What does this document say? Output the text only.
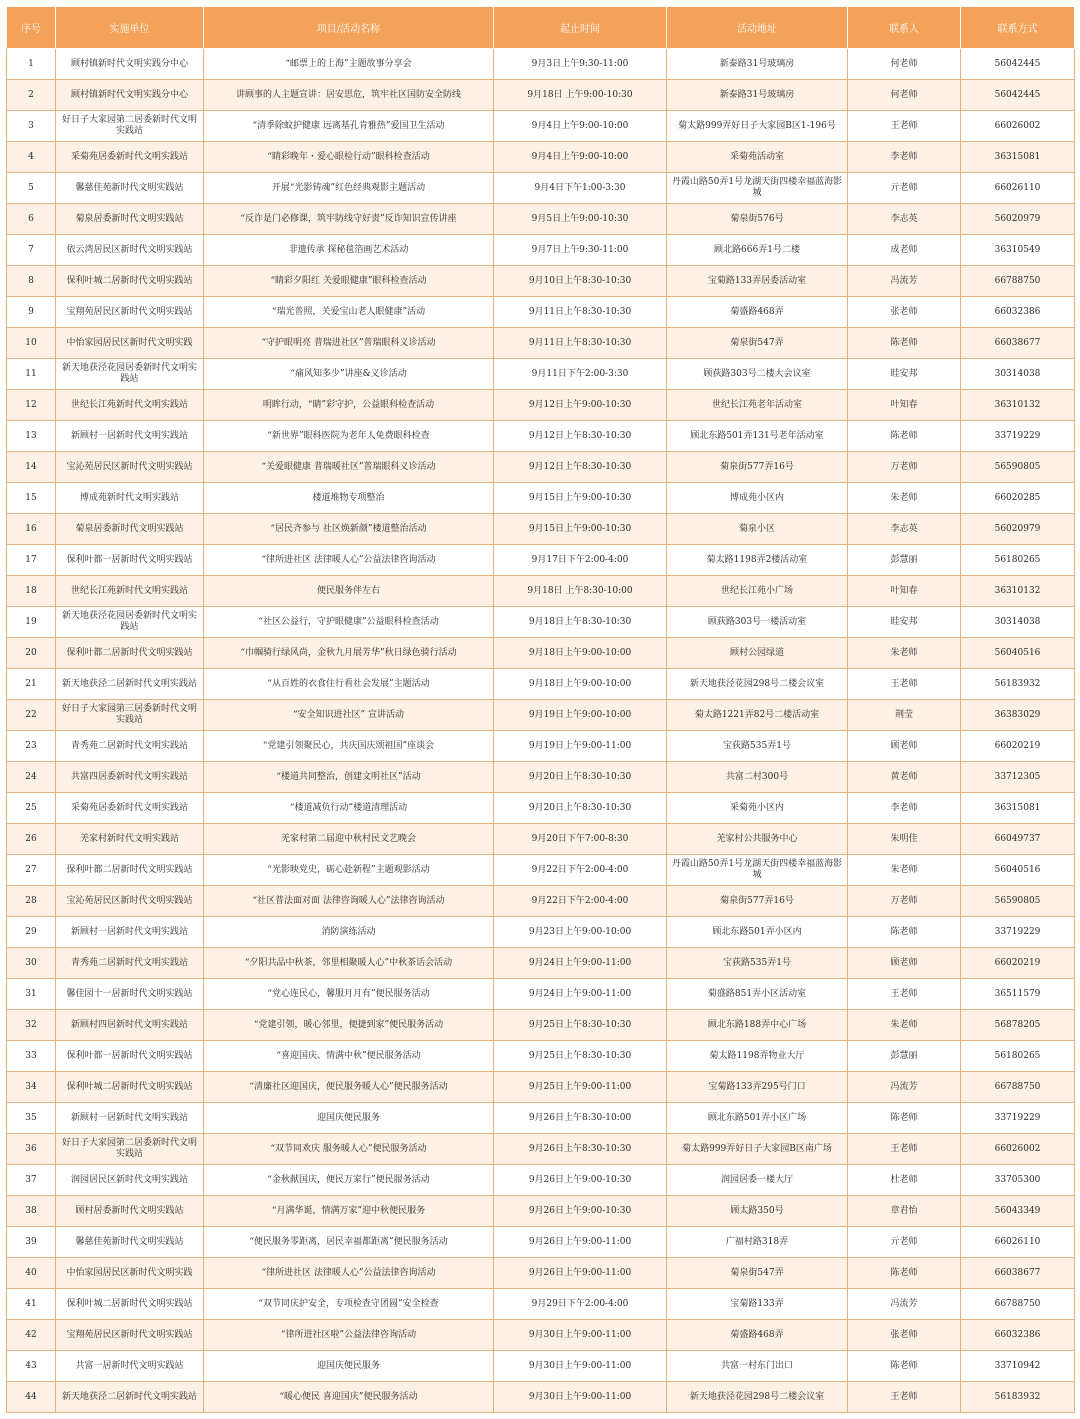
序号	实施单位	项目/活动名称	起止时间	活动地址	联系人	联系方式
1	顾村镇新时代文明实践分中心	“邮票上的上海”主题故事分享会	9月3日上午9:30-11:00	新泰路31号玻璃房	何老师	56042445
2	顾村镇新时代文明实践分中心	讲顾事的人主题宣讲：居安思危，筑牢社区国防安全防线	9月18日 上午9:00-10:30	新泰路31号玻璃房	何老师	56042445
3	好日子大家园第二居委新时代文明实践站	“清季除蚊护健康 远离基孔肯雅热”爱国卫生活动	9月4日上午9:00-10:00	菊太路999弄好日子大家园B区1-196号	王老师	66026002
4	采菊苑居委新时代文明实践站	“睛彩晚年・爱心眼检行动”眼科检查活动	9月4日上午9:00-10:00	采菊苑活动室	李老师	36315081
5	馨慈佳苑新时代文明实践站	开展“光影铸魂”红色经典观影主题活动	9月4日下午1:00-3:30	丹霞山路50弄1号龙湖天街四楼幸福蓝海影城	亓老师	66026110
6	菊泉居委新时代文明实践站	“反诈是门必修课，筑牢防线守好责”反诈知识宣传讲座	9月5日上午9:00-10:30	菊泉街576号	李志英	56020979
7	依云湾居民区新时代文明实践站	非遗传承 探秘毯箔画艺术活动	9月7日上午9:30-11:00	顾北路666弄1号二楼	成老师	36310549
8	保利叶城二居新时代文明实践站	“睛彩夕阳红 关爱眼健康”眼科检查活动	9月10日上午8:30-10:30	宝菊路133弄居委活动室	冯流芳	66788750
9	宝翔苑居民区新时代文明实践站	“瑞光普照，关爱宝山老人眼健康”活动	9月11日上午8:30-10:30	菊盛路468弄	张老师	66032386
10	中怡家园居民区新时代文明实践	“守护眼明亮 普瑞进社区”普瑞眼科义诊活动	9月11日上午8:30-10:30	菊泉街547弄	陈老师	66038677
11	新天地获泾花园居委新时代文明实践站	“痛风知多少”讲座&义诊活动	9月11日下午2:00-3:30	顾荻路303号二楼大会议室	眭安邦	30314038
12	世纪长江苑新时代文明实践站	明眸行动，“睛”彩守护，公益眼科检查活动	9月12日上午9:00-10:30	世纪长江苑老年活动室	叶知春	36310132
13	新顾村一居新时代文明实践站	“新世界”眼科医院为老年人免费眼科检查	9月12日上午8:30-10:30	顾北东路501弄131号老年活动室	陈老师	33719229
14	宝沁苑居民区新时代文明实践站	“关爱眼健康 普瑞暖社区”普瑞眼科义诊活动	9月12日上午8:30-10:30	菊泉街577弄16号	万老师	56590805
15	博成苑新时代文明实践站	楼道堆物专项整治	9月15日上午9:00-10:30	博成苑小区内	朱老师	66020285
16	菊泉居委新时代文明实践站	“居民齐参与 社区焕新颜”楼道整治活动	9月15日上午9:00-10:30	菊泉小区	李志英	56020979
17	保利叶都一居新时代文明实践站	“律所进社区 法律暖人心”公益法律咨询活动	9月17日下午2:00-4:00	菊太路1198弄2楼活动室	彭慧丽	56180265
18	世纪长江苑新时代文明实践站	便民服务伴左右	9月18日 上午8:30-10:00	世纪长江苑小广场	叶知春	36310132
19	新天地获泾花园居委新时代文明实践站	“社区公益行，守护眼健康”公益眼科检查活动	9月18日上午8:30-10:30	顾荻路303号一楼活动室	眭安邦	30314038
20	保利叶都二居新时代文明实践站	“巾帼骑行绿风尚，金秋九月展芳华”秋日绿色骑行活动	9月18日上午9:00-10:00	顾村公园绿道	朱老师	56040516
21	新天地获泾二居新时代文明实践站	“从百姓的衣食住行看社会发展”主题活动	9月18日上午9:00-10:00	新天地获泾花园298号二楼会议室	王老师	56183932
22	好日子大家园第三居委新时代文明实践站	“安全知识进社区” 宣讲活动	9月19日上午9:00-10:00	菊太路1221弄82号二楼活动室	荆莹	36383029
23	青秀苑二居新时代文明实践站	“党建引领聚民心，共庆国庆颂祖国”座谈会	9月19日上午9:00-11:00	宝荻路535弄1号	顾老师	66020219
24	共富四居委新时代文明实践站	“楼道共同整治，创建文明社区”活动	9月20日上午8:30-10:30	共富二村300号	黄老师	33712305
25	采菊苑居委新时代文明实践站	“楼道减负行动”楼道清理活动	9月20日上午8:30-10:30	采菊苑小区内	李老师	36315081
26	羌家村新时代文明实践站	羌家村第二届迎中秋村民文艺晚会	9月20日下午7:00-8:30	羌家村公共服务中心	朱明佳	66049737
27	保利叶都二居新时代文明实践站	“光影映党史，砺心赴新程”主题观影活动	9月22日下午2:00-4:00	丹霞山路50弄1号龙湖天街四楼幸福蓝海影城	朱老师	56040516
28	宝沁苑居民区新时代文明实践站	“社区普法面对面 法律咨询暖人心”法律咨询活动	9月22日下午2:00-4:00	菊泉街577弄16号	万老师	56590805
29	新顾村一居新时代文明实践站	消防演练活动	9月23日上午9:00-10:00	顾北东路501弄小区内	陈老师	33719229
30	青秀苑二居新时代文明实践站	“夕阳共品中秋茶，邻里相聚暖人心”中秋茶话会活动	9月24日上午9:00-11:00	宝荻路535弄1号	顾老师	66020219
31	馨佳园十一居新时代文明实践站	“党心连民心，馨服月月有”便民服务活动	9月24日上午9:00-11:00	菊盛路851弄小区活动室	王老师	36511579
32	新顾村四居新时代文明实践站	“党建引领，暖心邻里，便捷到家”便民服务活动	9月25日上午8:30-10:30	顾北东路188弄中心广场	朱老师	56878205
33	保利叶都一居新时代文明实践站	“喜迎国庆、情满中秋”便民服务活动	9月25日上午8:30-10:30	菊太路1198弄物业大厅	彭慧丽	56180265
34	保利叶城二居新时代文明实践站	“清廉社区迎国庆，便民服务暖人心”便民服务活动	9月25日上午9:00-11:00	宝菊路133弄295号门口	冯流芳	66788750
35	新顾村一居新时代文明实践站	迎国庆便民服务	9月26日上午8:30-10:00	顾北东路501弄小区广场	陈老师	33719229
36	好日子大家园第二居委新时代文明实践站	“双节同欢庆 服务暖人心”便民服务活动	9月26日上午8:30-10:30	菊太路999弄好日子大家园B区南广场	王老师	66026002
37	润园居民区新时代文明实践站	“金秋献国庆，便民万家行”便民服务活动	9月26日上午9:00-10:30	润园居委一楼大厅	杜老师	33705300
38	顾村居委新时代文明实践站	“月满华诞，情满万家”迎中秋便民服务	9月26日上午9:00-10:30	顾太路350号	章君怡	56043349
39	馨慈佳苑新时代文明实践站	“便民服务零距离，居民幸福都距离”便民服务活动	9月26日上午9:00-11:00	广福村路318弄	亓老师	66026110
40	中怡家园居民区新时代文明实践	“律所进社区 法律暖人心”公益法律咨询活动	9月26日上午9:00-11:00	菊泉街547弄	陈老师	66038677
41	保利叶城二居新时代文明实践站	“双节同庆护安全，专项检查守团圆”安全检查	9月29日下午2:00-4:00	宝菊路133弄	冯流芳	66788750
42	宝翔苑居民区新时代文明实践站	“律所进社区啦”公益法律咨询活动	9月30日上午9:00-11:00	菊盛路468弄	张老师	66032386
43	共富一居新时代文明实践站	迎国庆便民服务	9月30日上午9:00-11:00	共富一村东门出口	陈老师	33710942
44	新天地获泾二居新时代文明实践站	“暖心便民 喜迎国庆”便民服务活动	9月30日上午9:00-11:00	新天地获泾花园298号二楼会议室	王老师	56183932
